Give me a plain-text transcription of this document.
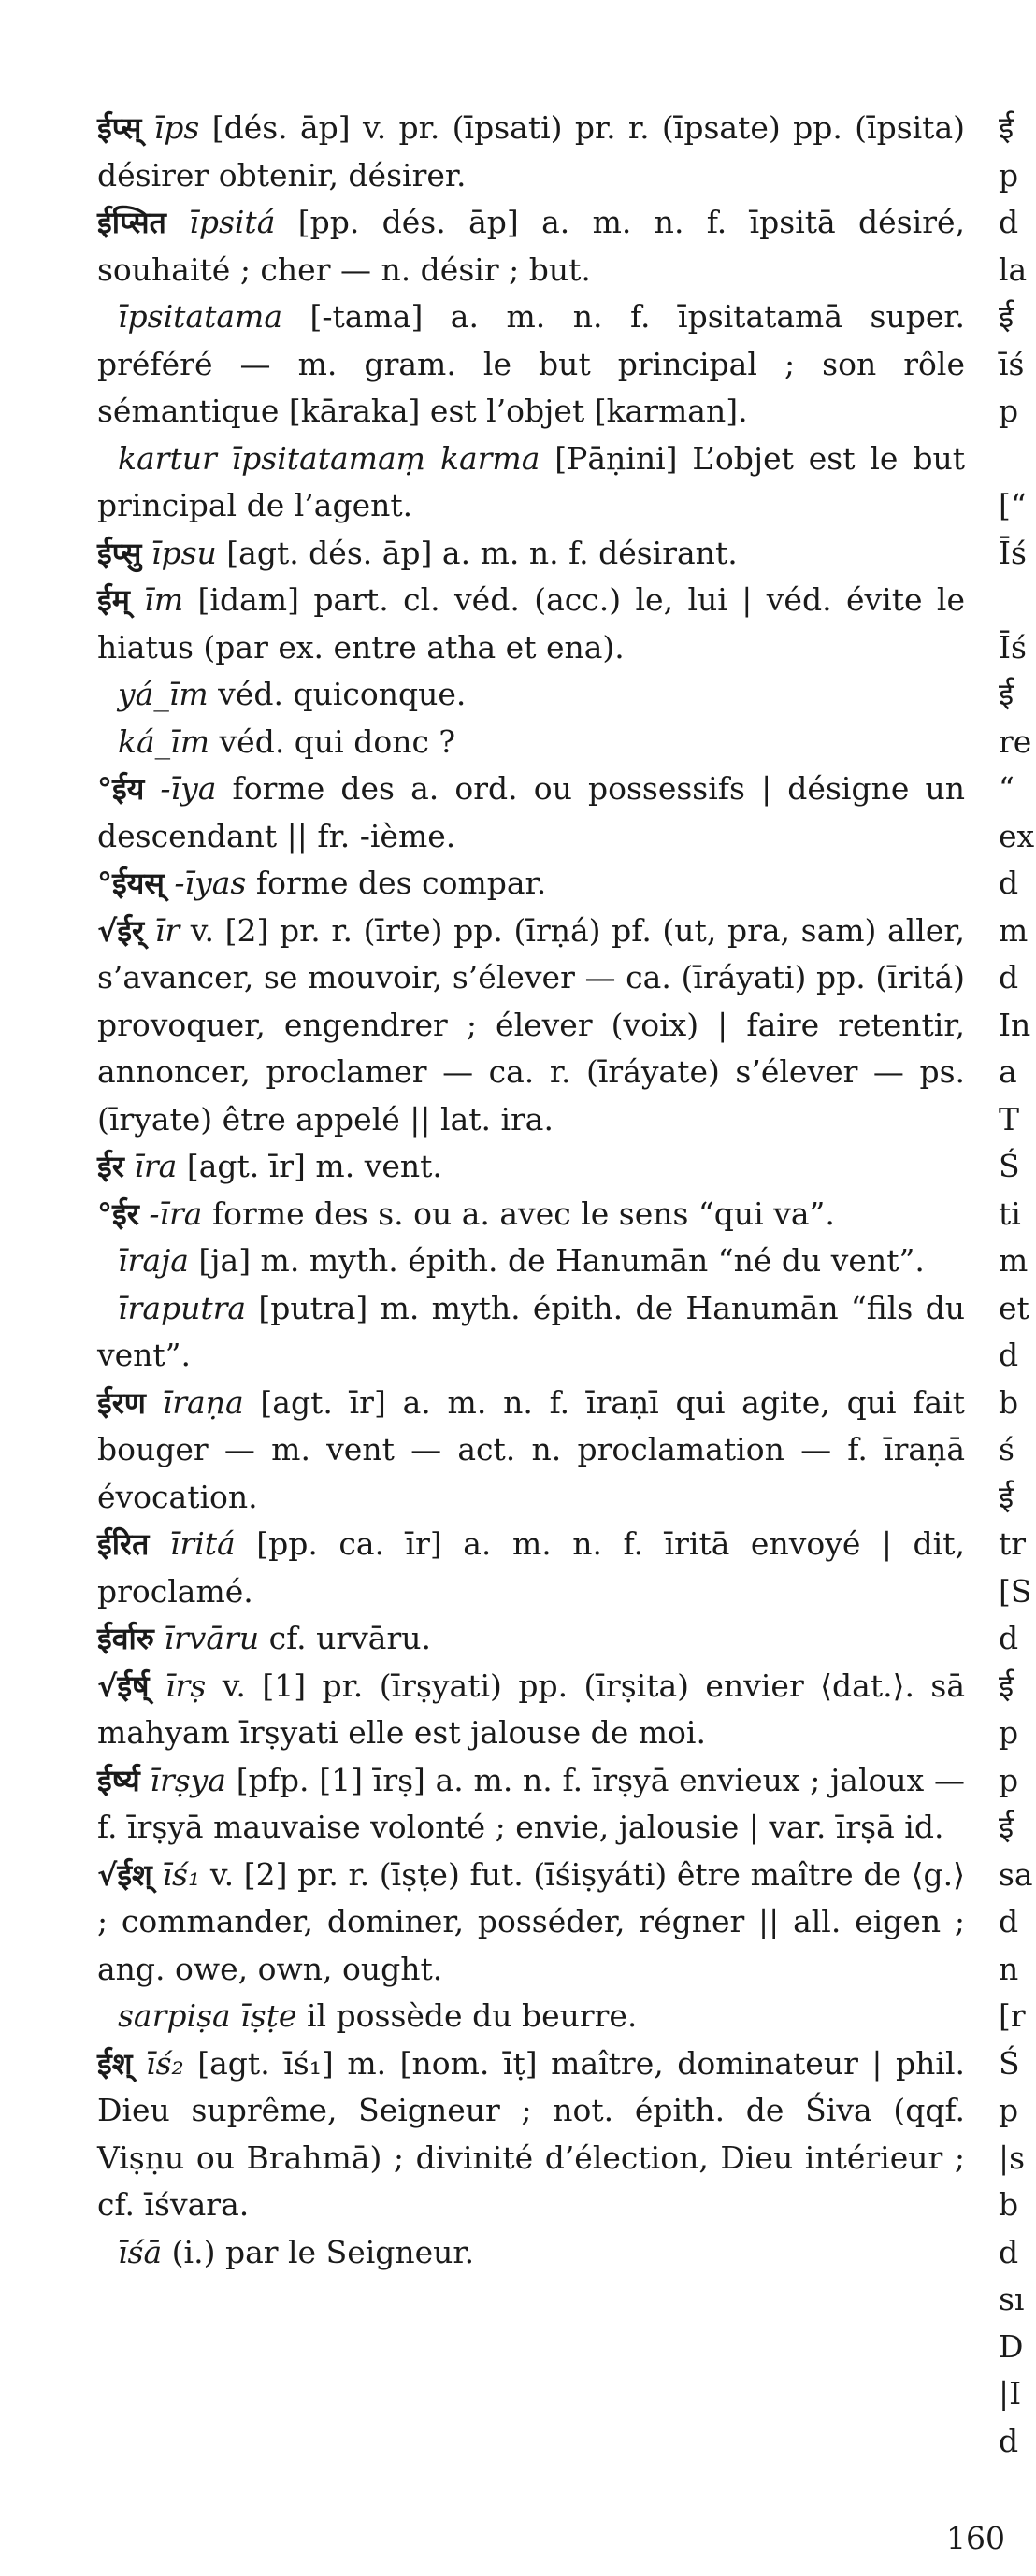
ईप्स् īps [dés. āp] v. pr. (īpsati) pr. r. (īpsate) pp. (īpsita) désirer obtenir, désirer.

ईप्सित īpsitá [pp. dés. āp] a. m. n. f. īpsitā désiré, souhaité ; cher — n. désir ; but.

īpsitatama [-tama] a. m. n. f. īpsitatamā super. préféré — m. gram. le but principal ; son rôle sémantique [kāraka] est l’objet [karman].

kartur īpsitatamaṃ karma [Pāṇini] L’objet est le but principal de l’agent.

ईप्सु īpsu [agt. dés. āp] a. m. n. f. désirant.

ईम् īm [idam] part. cl. véd. (acc.) le, lui | véd. évite le hiatus (par ex. entre atha et ena).

yá_īm véd. quiconque.

ká_īm véd. qui donc ?

°ईय -īya forme des a. ord. ou possessifs | désigne un descendant || fr. -ième.

°ईयस् -īyas forme des compar.

√ईर् īr v. [2] pr. r. (īrte) pp. (īrṇá) pf. (ut, pra, sam) aller, s’avancer, se mouvoir, s’élever — ca. (īráyati) pp. (īritá) provoquer, engendrer ; élever (voix) | faire retentir, annoncer, proclamer — ca. r. (īráyate) s’élever — ps. (īryate) être appelé || lat. ira.

ईर īra [agt. īr] m. vent.

°ईर -īra forme des s. ou a. avec le sens “qui va”.

īraja [ja] m. myth. épith. de Hanumān “né du vent”.

īraputra [putra] m. myth. épith. de Hanumān “fils du vent”.

ईरण īraṇa [agt. īr] a. m. n. f. īraṇī qui agite, qui fait bouger — m. vent — act. n. proclamation — f. īraṇā évocation.

ईरित īritá [pp. ca. īr] a. m. n. f. īritā envoyé | dit, proclamé.

ईर्वारु īrvāru cf. urvāru.

√ईर्ष् īrṣ v. [1] pr. (īrṣyati) pp. (īrṣita) envier ⟨dat.⟩. sā mahyam īrṣyati elle est jalouse de moi.

ईर्ष्य īrṣya [pfp. [1] īrṣ] a. m. n. f. īrṣyā envieux ; jaloux — f. īrṣyā mauvaise volonté ; envie, jalousie | var. īrṣā id.

√ईश् īś₁ v. [2] pr. r. (īṣṭe) fut. (īśiṣyáti) être maître de ⟨g.⟩ ; commander, dominer, posséder, régner || all. eigen ; ang. owe, own, ought.

sarpiṣa īṣṭe il possède du beurre.

ईश् īś₂ [agt. īś₁] m. [nom. īṭ] maître, dominateur | phil. Dieu suprême, Seigneur ; not. épith. de Śiva (qqf. Viṣṇu ou Brahmā) ; divinité d’élection, Dieu intérieur ; cf. īśvara.

īśā (i.) par le Seigneur.

ई
p
d
la
ई
īś
p
[“
Īś
Īś
ई
re
“
ex
d
m
d
In
a
T
Ś
ti
m
et
d
b
ś
ई
tr
[S
d
ई
p
p
ई
sa
d
n
[r
Ś
p
|s
b
d
sı
D
|I
d
160
